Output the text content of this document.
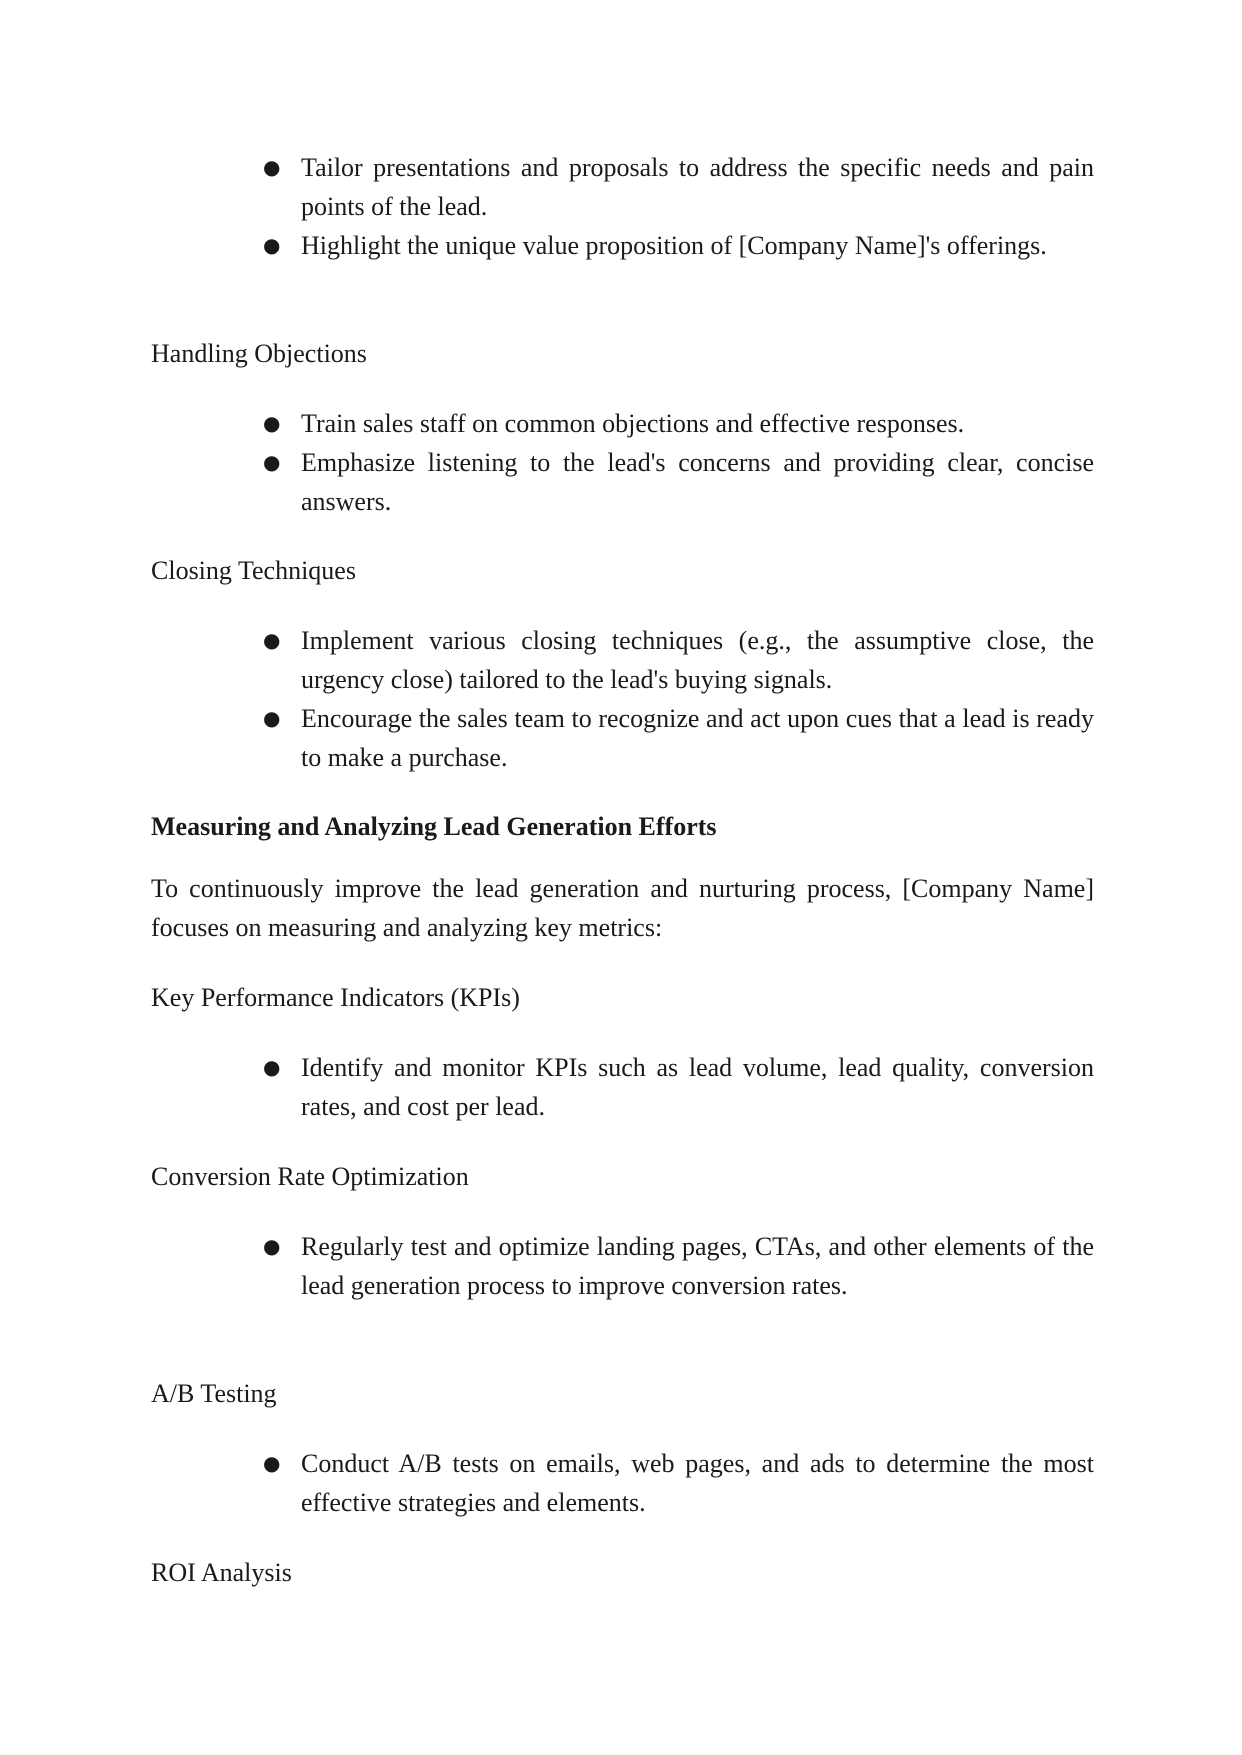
● Tailor presentations and proposals to address the specific needs and pain points of the lead.
● Highlight the unique value proposition of [Company Name]'s offerings.

Handling Objections

● Train sales staff on common objections and effective responses.
● Emphasize listening to the lead's concerns and providing clear, concise answers.

Closing Techniques

● Implement various closing techniques (e.g., the assumptive close, the urgency close) tailored to the lead's buying signals.
● Encourage the sales team to recognize and act upon cues that a lead is ready to make a purchase.

Measuring and Analyzing Lead Generation Efforts

To continuously improve the lead generation and nurturing process, [Company Name] focuses on measuring and analyzing key metrics:

Key Performance Indicators (KPIs)

● Identify and monitor KPIs such as lead volume, lead quality, conversion rates, and cost per lead.

Conversion Rate Optimization

● Regularly test and optimize landing pages, CTAs, and other elements of the lead generation process to improve conversion rates.

A/B Testing

● Conduct A/B tests on emails, web pages, and ads to determine the most effective strategies and elements.

ROI Analysis
